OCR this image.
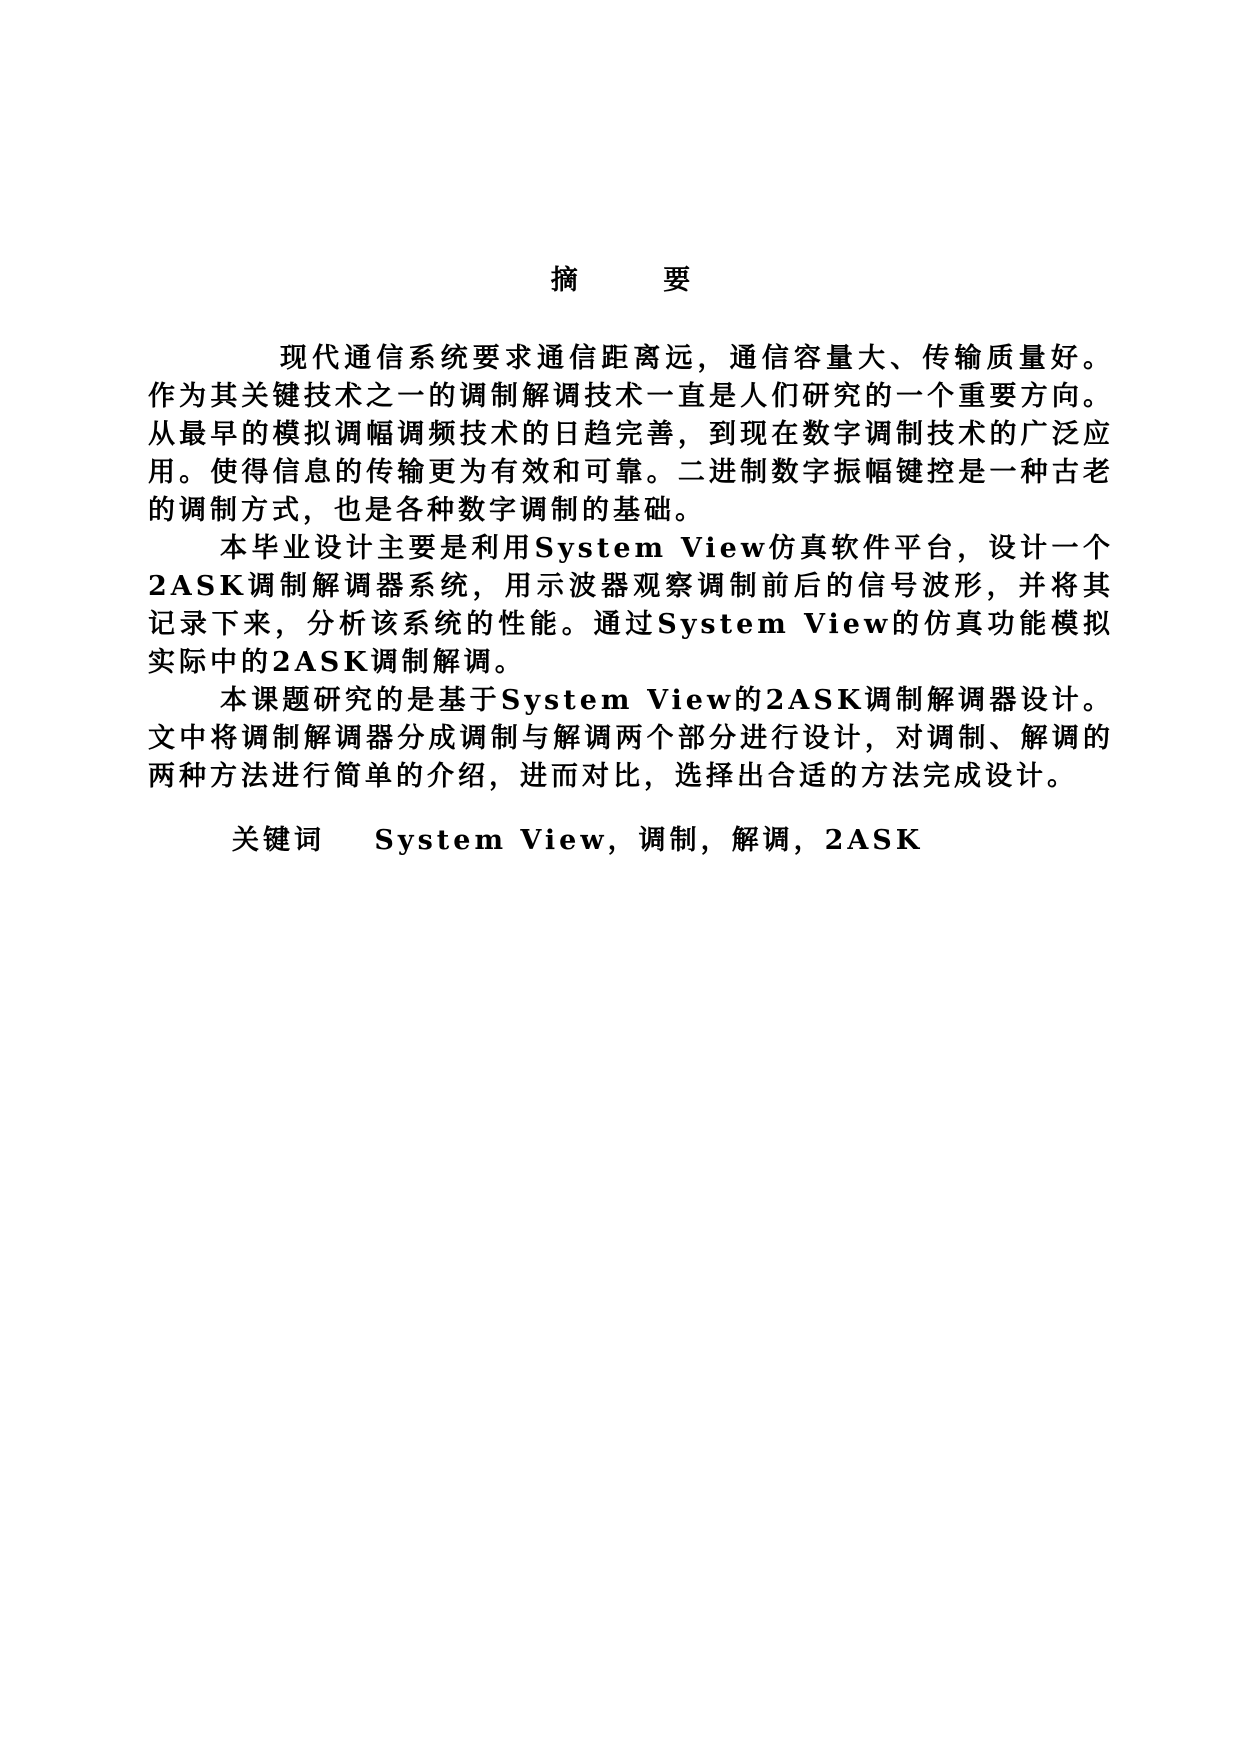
摘 要

现代通信系统要求通信距离远，通信容量大、传输质量好。作为其关键技术之一的调制解调技术一直是人们研究的一个重要方向。从最早的模拟调幅调频技术的日趋完善，到现在数字调制技术的广泛应用。使得信息的传输更为有效和可靠。二进制数字振幅键控是一种古老的调制方式，也是各种数字调制的基础。

本毕业设计主要是利用System View仿真软件平台，设计一个2ASK调制解调器系统，用示波器观察调制前后的信号波形，并将其记录下来，分析该系统的性能。通过System View的仿真功能模拟实际中的2ASK调制解调。

本课题研究的是基于System View的2ASK调制解调器设计。文中将调制解调器分成调制与解调两个部分进行设计，对调制、解调的两种方法进行简单的介绍，进而对比，选择出合适的方法完成设计。

关键词 System View，调制，解调，2ASK
